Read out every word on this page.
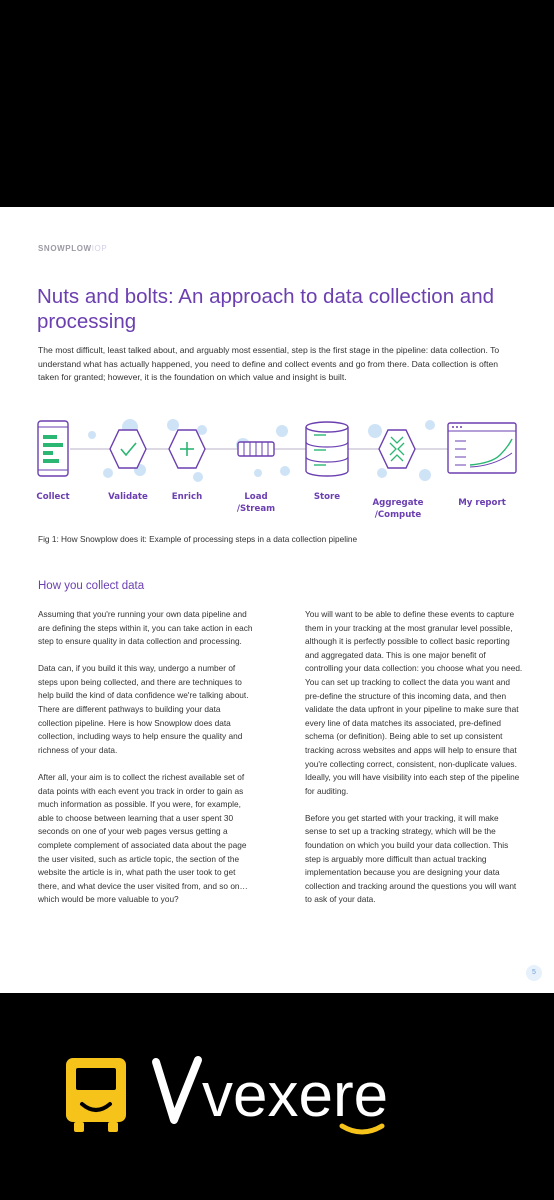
SNOWPLOWIOP
Nuts and bolts: An approach to data collection and processing

The most difficult, least talked about, and arguably most essential, step is the first stage in the pipeline: data collection. To understand what has actually happened, you need to define and collect events and go from there. Data collection is often taken for granted; however, it is the foundation on which value and insight is built.

Collect	Validate	Enrich	Load
/Stream
Store
Aggregate
/Compute
My report

Fig 1: How Snowplow does it: Example of processing steps in a data collection pipeline

How you collect data

Assuming that you're running your own data pipeline and are defining the steps within it, you can take action in each step to ensure quality in data collection and processing.

Data can, if you build it this way, undergo a number of steps upon being collected, and there are techniques to help build the kind of data confidence we're talking about. There are different pathways to building your data collection pipeline. Here is how Snowplow does data collection, including ways to help ensure the quality and richness of your data.

After all, your aim is to collect the richest available set of data points with each event you track in order to gain as much information as possible. If you were, for example, able to choose between learning that a user spent 30 seconds on one of your web pages versus getting a complete complement of associated data about the page the user visited, such as article topic, the section of the website the article is in, what path the user took to get there, and what device the user visited from, and so on… which would be more valuable to you?

You will want to be able to define these events to capture them in your tracking at the most granular level possible, although it is perfectly possible to collect basic reporting and aggregated data. This is one major benefit of controlling your data collection: you choose what you need. You can set up tracking to collect the data you want and pre-define the structure of this incoming data, and then validate the data upfront in your pipeline to make sure that every line of data matches its associated, pre-defined schema (or definition). Being able to set up consistent tracking across websites and apps will help to ensure that you're collecting correct, consistent, non-duplicate values. Ideally, you will have visibility into each step of the pipeline for auditing.

Before you get started with your tracking, it will make sense to set up a tracking strategy, which will be the foundation on which you build your data collection. This step is arguably more difficult than actual tracking implementation because you are designing your data collection and tracking around the questions you will want to ask of your data.

5
vexere
